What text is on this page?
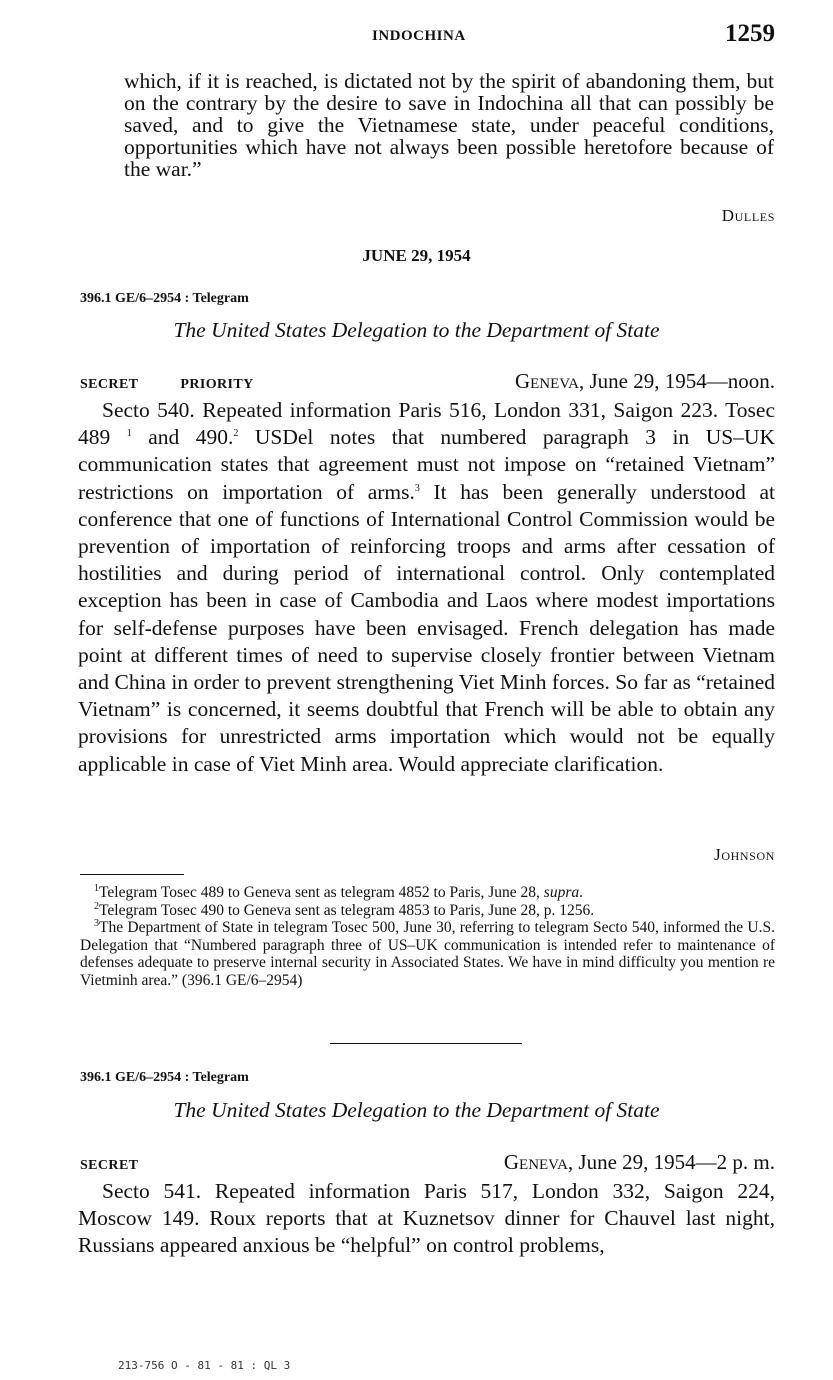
INDOCHINA	1259

which, if it is reached, is dictated not by the spirit of abandoning them, but on the contrary by the desire to save in Indochina all that can possibly be saved, and to give the Vietnamese state, under peaceful conditions, opportunities which have not always been possible heretofore because of the war.”

Dulles
JUNE 29, 1954
396.1 GE/6–2954 : Telegram
The United States Delegation to the Department of State
SECRET	PRIORITY	Geneva, June 29, 1954—noon.

Secto 540. Repeated information Paris 516, London 331, Saigon 223. Tosec 489 $^1$ and 490.$^2$ USDel notes that numbered paragraph 3 in US–UK communication states that agreement must not impose on “retained Vietnam” restrictions on importation of arms.$^3$ It has been generally understood at conference that one of functions of International Control Commission would be prevention of importation of reinforcing troops and arms after cessation of hostilities and during period of international control. Only contemplated exception has been in case of Cambodia and Laos where modest importations for self-defense purposes have been envisaged. French delegation has made point at different times of need to supervise closely frontier between Vietnam and China in order to prevent strengthening Viet Minh forces. So far as “retained Vietnam” is concerned, it seems doubtful that French will be able to obtain any provisions for unrestricted arms importation which would not be equally applicable in case of Viet Minh area. Would appreciate clarification.

Johnson

$^1$Telegram Tosec 489 to Geneva sent as telegram 4852 to Paris, June 28, supra.

$^2$Telegram Tosec 490 to Geneva sent as telegram 4853 to Paris, June 28, p. 1256.

$^3$The Department of State in telegram Tosec 500, June 30, referring to telegram Secto 540, informed the U.S. Delegation that “Numbered paragraph three of US–UK communication is intended refer to maintenance of defenses adequate to preserve internal security in Associated States. We have in mind difficulty you mention re Vietminh area.” (396.1 GE/6–2954)

396.1 GE/6–2954 : Telegram
The United States Delegation to the Department of State
SECRET	Geneva, June 29, 1954—2 p. m.

Secto 541. Repeated information Paris 517, London 332, Saigon 224, Moscow 149. Roux reports that at Kuznetsov dinner for Chauvel last night, Russians appeared anxious be “helpful” on control problems,

213-756 O - 81 - 81 : QL 3
